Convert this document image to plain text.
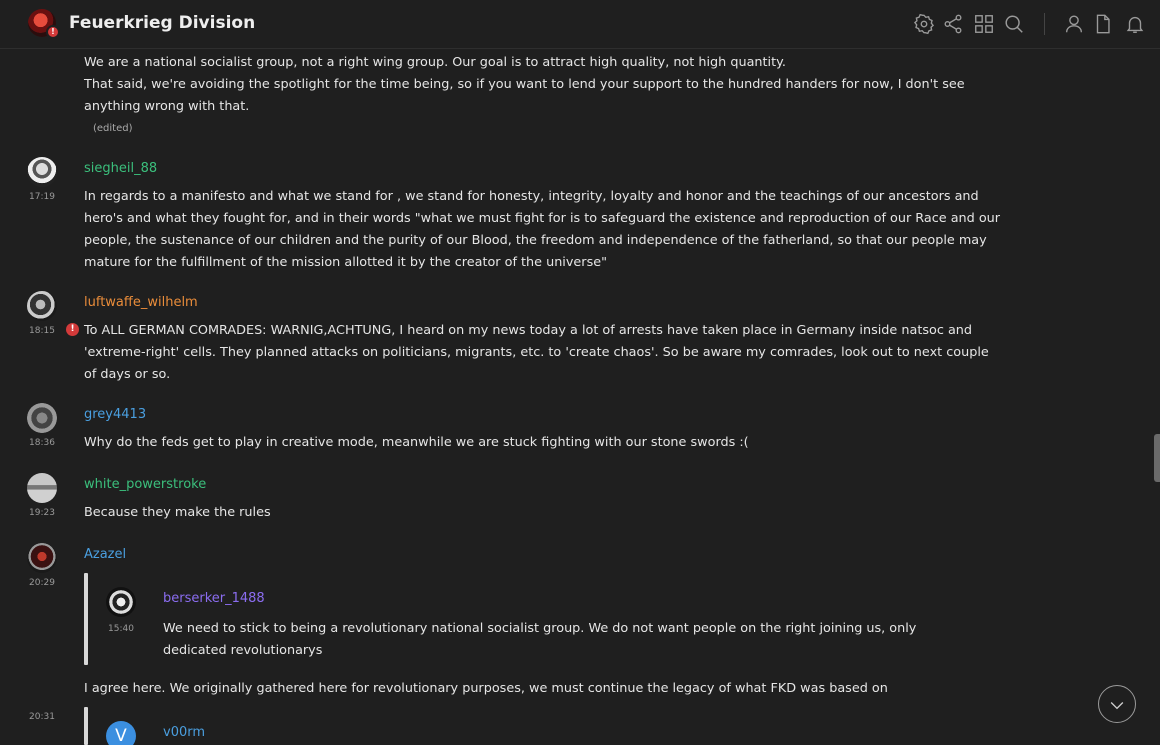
! Feuerkrieg Division
We are a national socialist group, not a right wing group. Our goal is to attract high quality, not high quantity.
That said, we're avoiding the spotlight for the time being, so if you want to lend your support to the hundred handers for now, I don't see anything wrong with that.
(edited)
17:19
siegheil_88
In regards to a manifesto and what we stand for , we stand for honesty, integrity, loyalty and honor and the teachings of our ancestors and hero's and what they fought for, and in their words "what we must fight for is to safeguard the existence and reproduction of our Race and our people, the sustenance of our children and the purity of our Blood, the freedom and independence of the fatherland, so that our people may mature for the fulfillment of the mission allotted it by the creator of the universe"
18:15	!
luftwaffe_wilhelm
To ALL GERMAN COMRADES: WARNIG,ACHTUNG, I heard on my news today a lot of arrests have taken place in Germany inside natsoc and 'extreme-right' cells. They planned attacks on politicians, migrants, etc. to 'create chaos'. So be aware my comrades, look out to next couple of days or so.
18:36
grey4413
Why do the feds get to play in creative mode, meanwhile we are stuck fighting with our stone swords :(
19:23
white_powerstroke
Because they make the rules
20:29
Azazel
15:40
berserker_1488
We need to stick to being a revolutionary national socialist group. We do not want people on the right joining us, only dedicated revolutionarys
I agree here. We originally gathered here for revolutionary purposes, we must continue the legacy of what FKD was based on
20:31
V	v00rm
